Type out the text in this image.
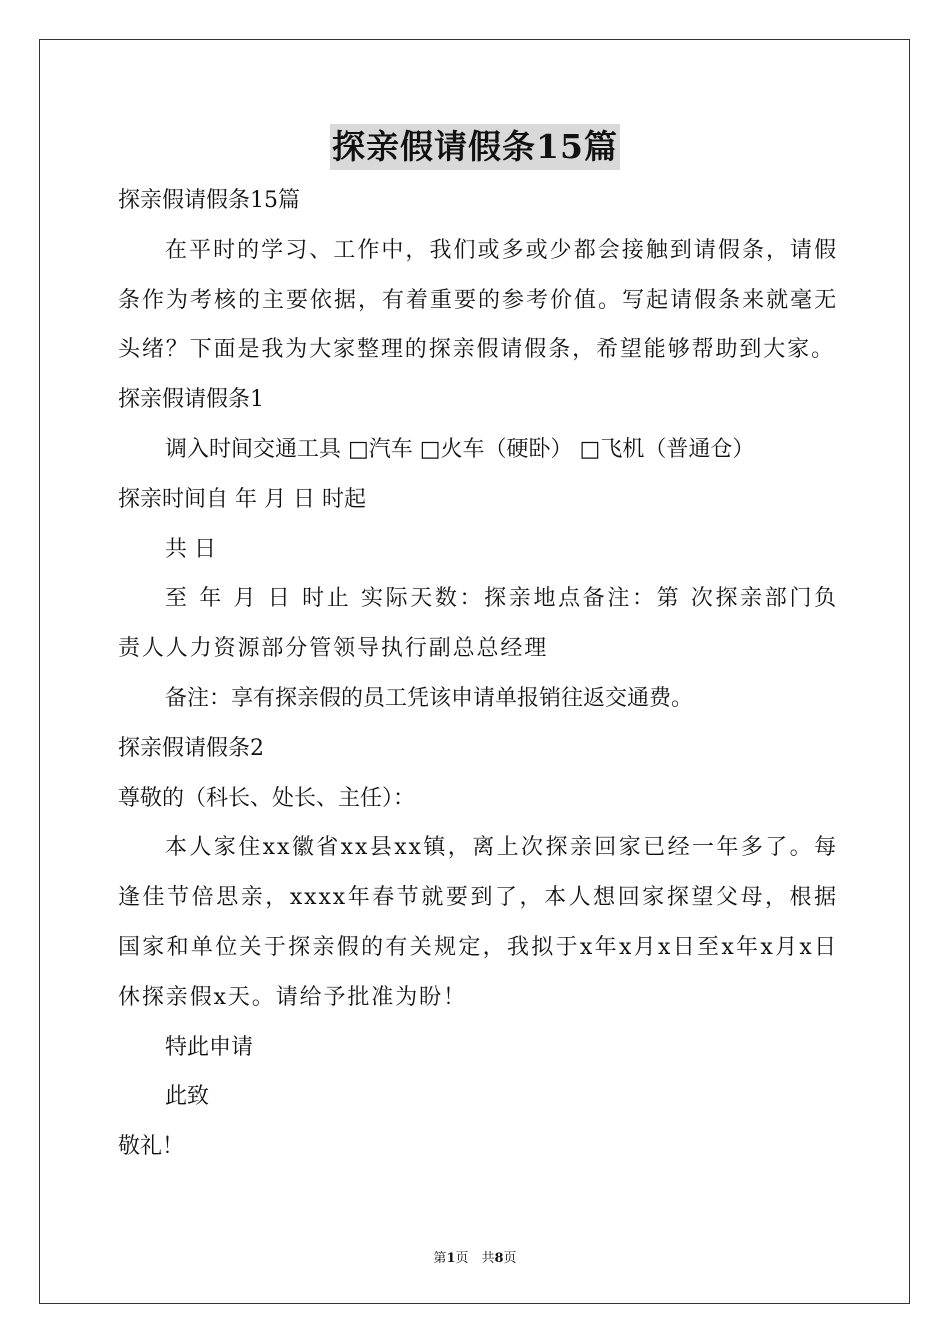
探亲假请假条15篇

探亲假请假条15篇

在平时的学习、工作中，我们或多或少都会接触到请假条，请假条作为考核的主要依据，有着重要的参考价值。写起请假条来就毫无头绪？下面是我为大家整理的探亲假请假条，希望能够帮助到大家。

探亲假请假条1

调入时间交通工具 □汽车 □火车（硬卧） □飞机（普通仓）

探亲时间自 年 月 日 时起

共 日

至 年 月 日 时止 实际天数：探亲地点备注：第 次探亲部门负责人人力资源部分管领导执行副总总经理

备注：享有探亲假的员工凭该申请单报销往返交通费。

探亲假请假条2

尊敬的（科长、处长、主任）：

本人家住xx徽省xx县xx镇，离上次探亲回家已经一年多了。每逢佳节倍思亲，xxxx年春节就要到了，本人想回家探望父母，根据国家和单位关于探亲假的有关规定，我拟于x年x月x日至x年x月x日休探亲假x天。请给予批准为盼！

特此申请

此致

敬礼！

第1页　共8页
